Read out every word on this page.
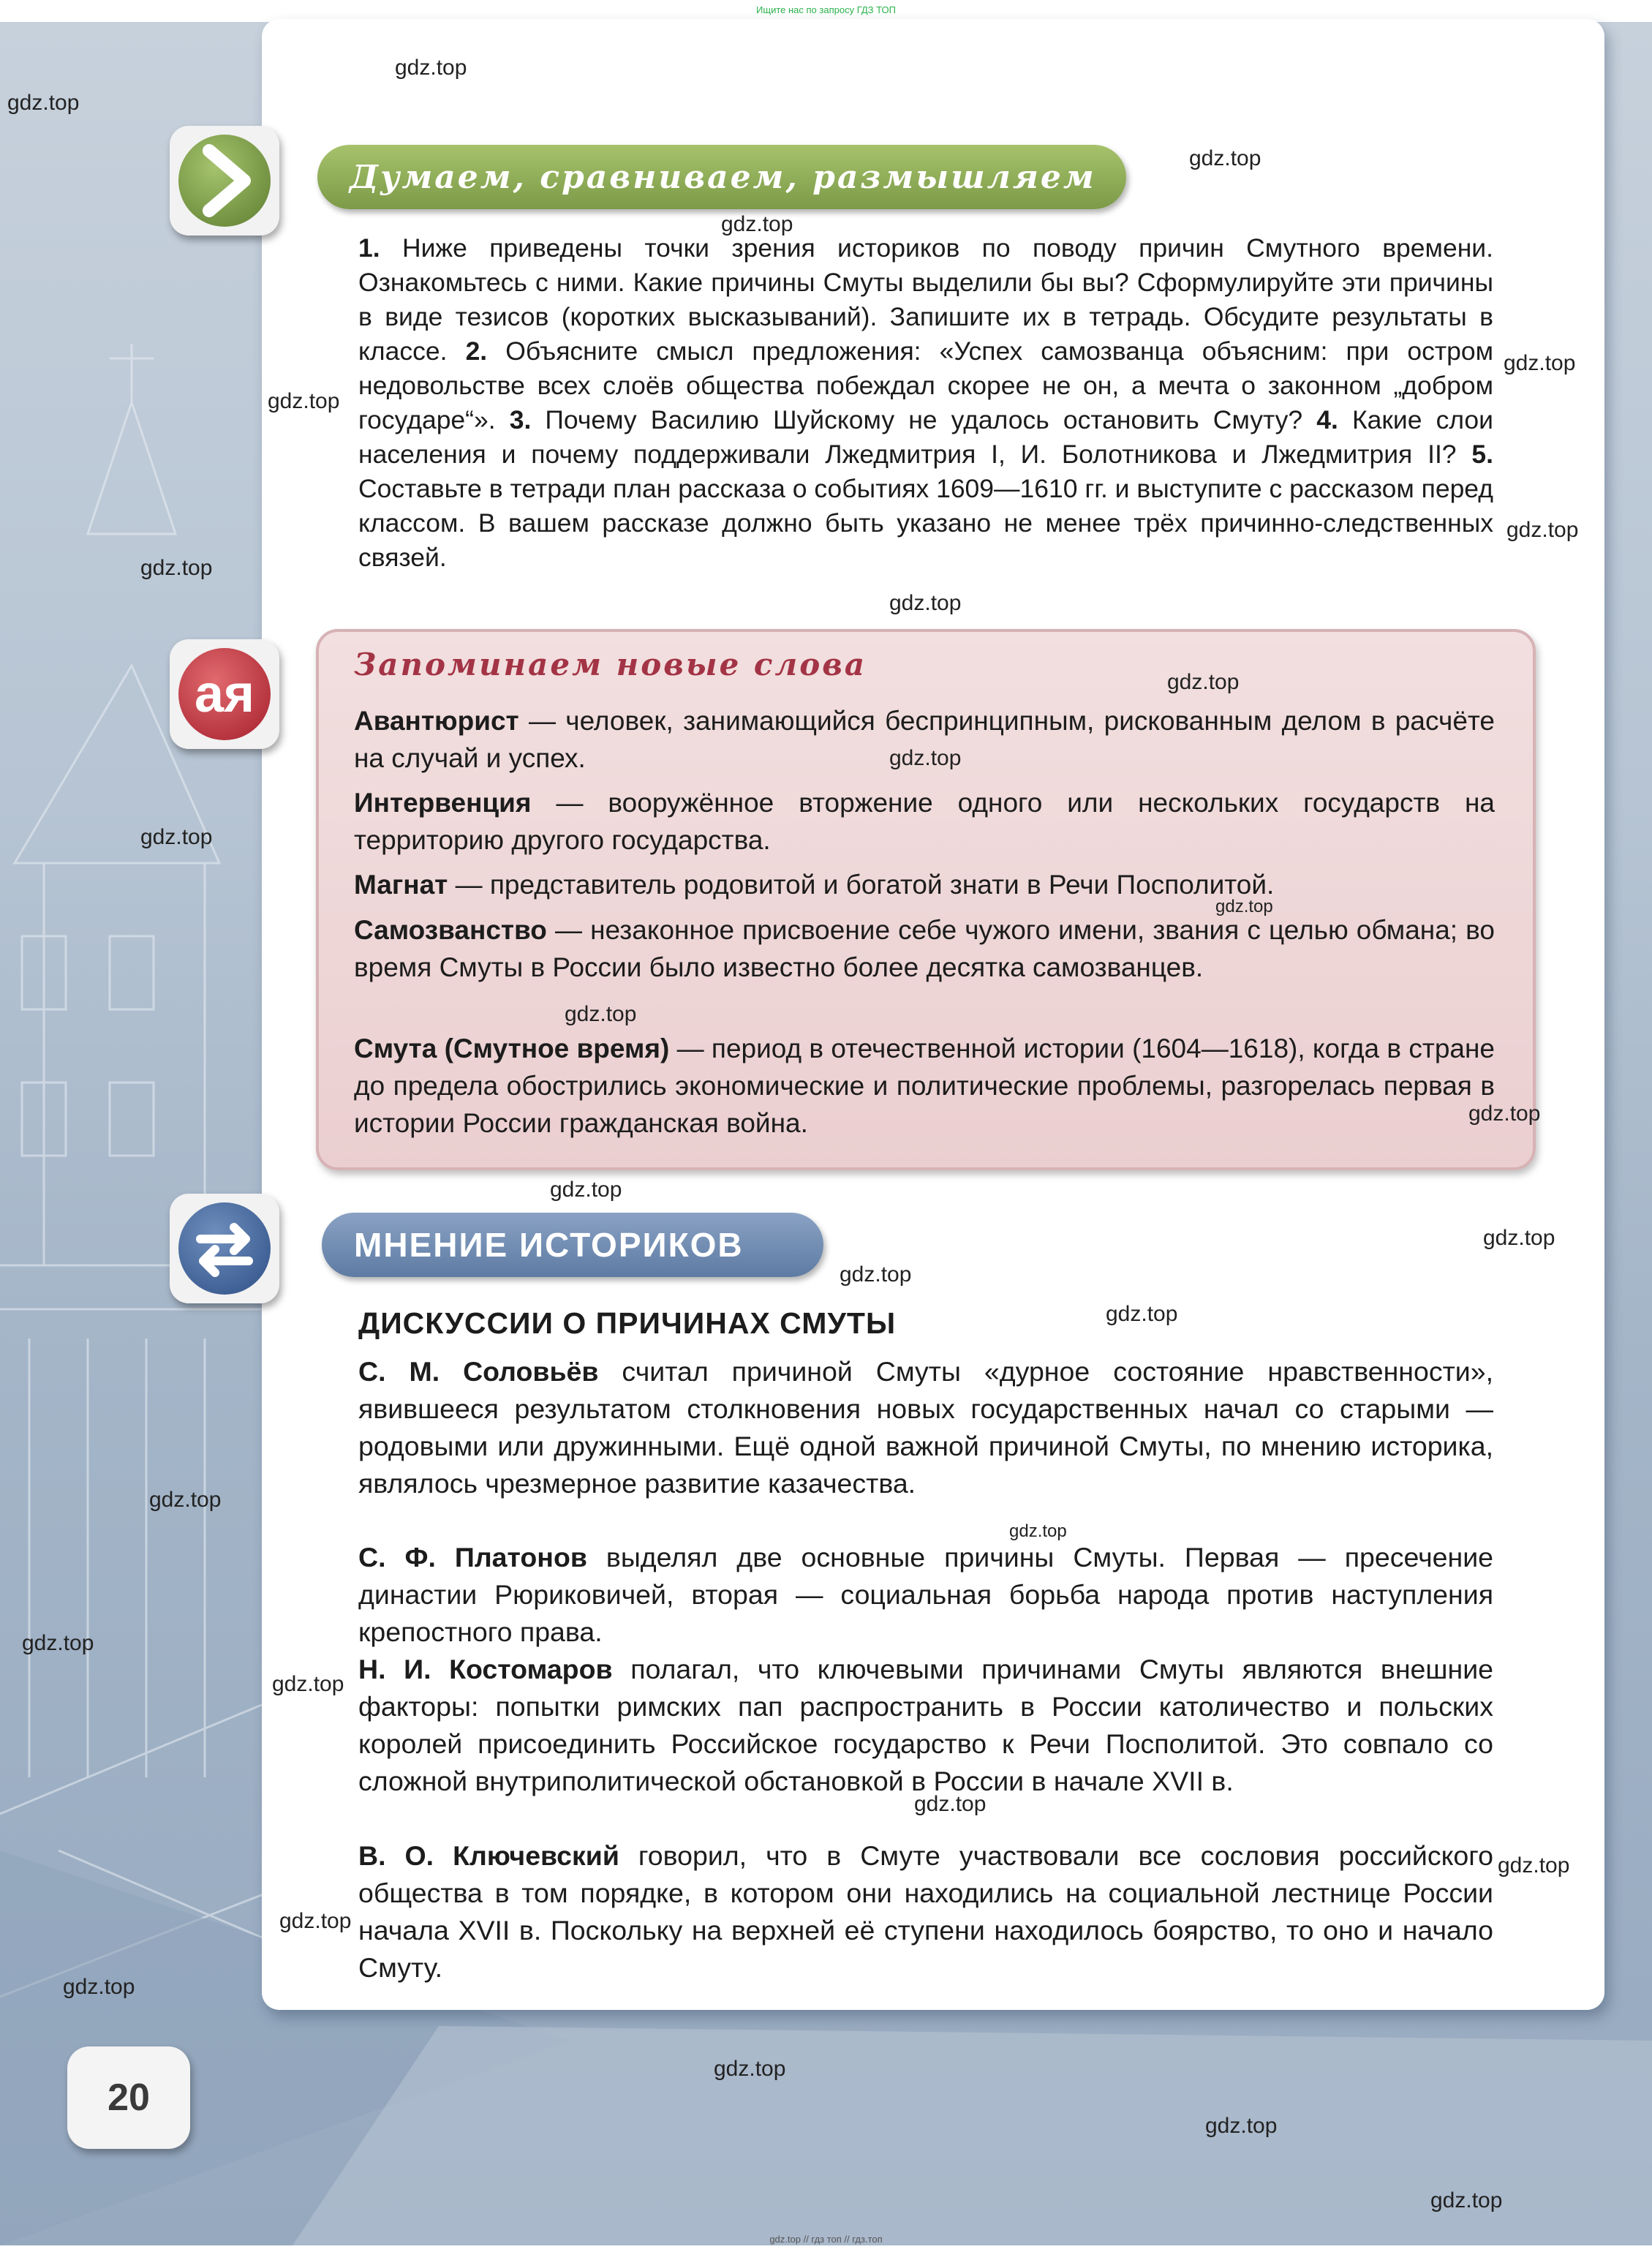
Ищите нас по запросу ГДЗ ТОП
Думаем, сравниваем, размышляем
1. Ниже приведены точки зрения историков по поводу причин Смутного времени. Ознакомьтесь с ними. Какие причины Смуты выделили бы вы? Сформулируйте эти причины в виде тезисов (коротких высказываний). Запишите их в тетрадь. Обсудите результаты в классе. 2. Объясните смысл предложения: «Успех самозванца объясним: при остром недовольстве всех слоёв общества побеждал скорее не он, а мечта о законном „добром государе“». 3. Почему Василию Шуйскому не удалось остановить Смуту? 4. Какие слои населения и почему поддерживали Лжедмитрия I, И. Болотникова и Лжедмитрия II? 5. Составьте в тетради план рассказа о событиях 1609—1610 гг. и выступите с рассказом перед классом. В вашем рассказе должно быть указано не менее трёх причинно-следственных связей.
ая
Запоминаем новые слова
Авантюрист — человек, занимающийся беспринципным, рискованным делом в расчёте на случай и успех.
Интервенция — вооружённое вторжение одного или нескольких государств на территорию другого государства.
Магнат — представитель родовитой и богатой знати в Речи Посполитой.
Самозванство — незаконное присвоение себе чужого имени, звания с целью обмана; во время Смуты в России было известно более десятка самозванцев.
Смута (Смутное время) — период в отечественной истории (1604—1618), когда в стране до предела обострились экономические и политические проблемы, разгорелась первая в истории России гражданская война.
МНЕНИЕ ИСТОРИКОВ
ДИСКУССИИ О ПРИЧИНАХ СМУТЫ
С. М. Соловьёв считал причиной Смуты «дурное состояние нравственности», явившееся результатом столкновения новых государственных начал со старыми — родовыми или дружинными. Ещё одной важной причиной Смуты, по мнению историка, являлось чрезмерное развитие казачества.
С. Ф. Платонов выделял две основные причины Смуты. Первая — пресечение династии Рюриковичей, вторая — социальная борьба народа против наступления крепостного права.
Н. И. Костомаров полагал, что ключевыми причинами Смуты являются внешние факторы: попытки римских пап распространить в России католичество и польских королей присоединить Российское государство к Речи Посполитой. Это совпало со сложной внутриполитической обстановкой в России в начале XVII в.
В. О. Ключевский говорил, что в Смуте участвовали все сословия российского общества в том порядке, в котором они находились на социальной лестнице России начала XVII в. Поскольку на верхней её ступени находилось боярство, то оно и начало Смуту.
20
gdz.top
gdz.top
gdz.top
gdz.top
gdz.top
gdz.top
gdz.top
gdz.top
gdz.top
gdz.top
gdz.top
gdz.top
gdz.top
gdz.top
gdz.top
gdz.top
gdz.top
gdz.top
gdz.top
gdz.top
gdz.top
gdz.top
gdz.top
gdz.top
gdz.top
gdz.top
gdz.top
gdz.top
gdz.top
gdz.top
gdz.top // гдз топ // гдз.топ
